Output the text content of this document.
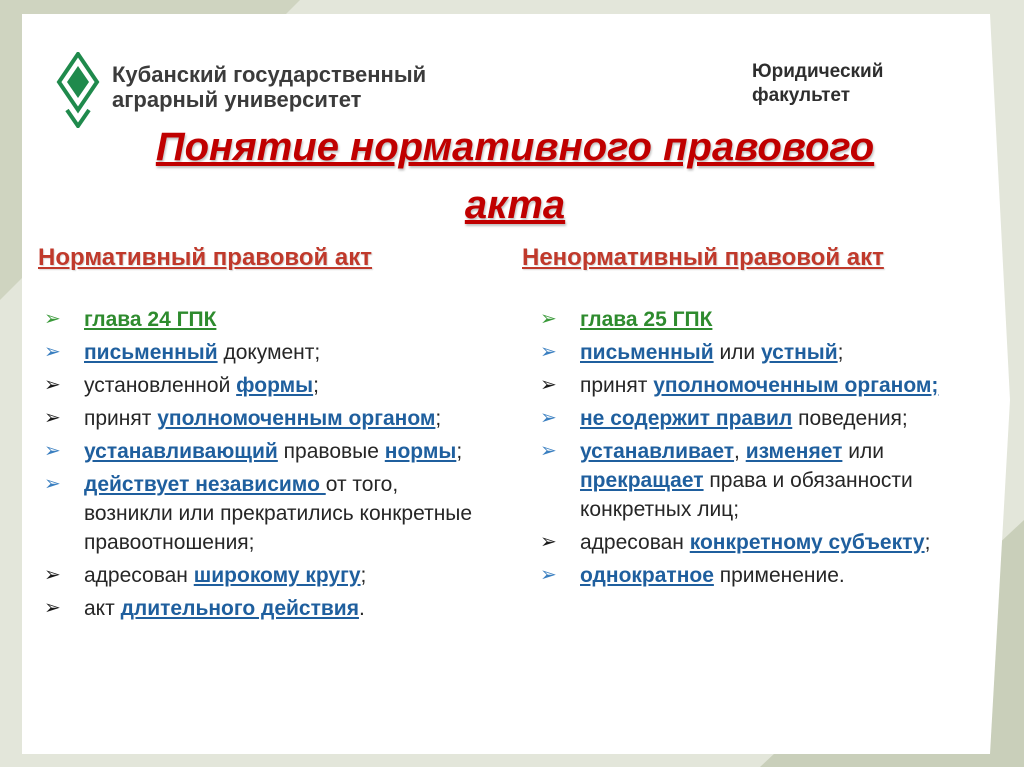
Кубанский государственный
аграрный университет
Юридический
факультет
Понятие нормативного правового
акта
Нормативный правовой акт	Ненормативный правовой акт
➢	глава 24 ГПК
➢	письменный документ;
➢	установленной формы;
➢	принят уполномоченным органом;
➢	устанавливающий правовые нормы;
➢	действует независимо от того, возникли или прекратились конкретные правоотношения;
➢	адресован широкому кругу;
➢	акт длительного действия.
➢	глава 25 ГПК
➢	письменный или устный;
➢	принят уполномоченным органом;
➢	не содержит правил поведения;
➢	устанавливает, изменяет или прекращает права и обязанности конкретных лиц;
➢	адресован конкретному субъекту;
➢	однократное применение.
